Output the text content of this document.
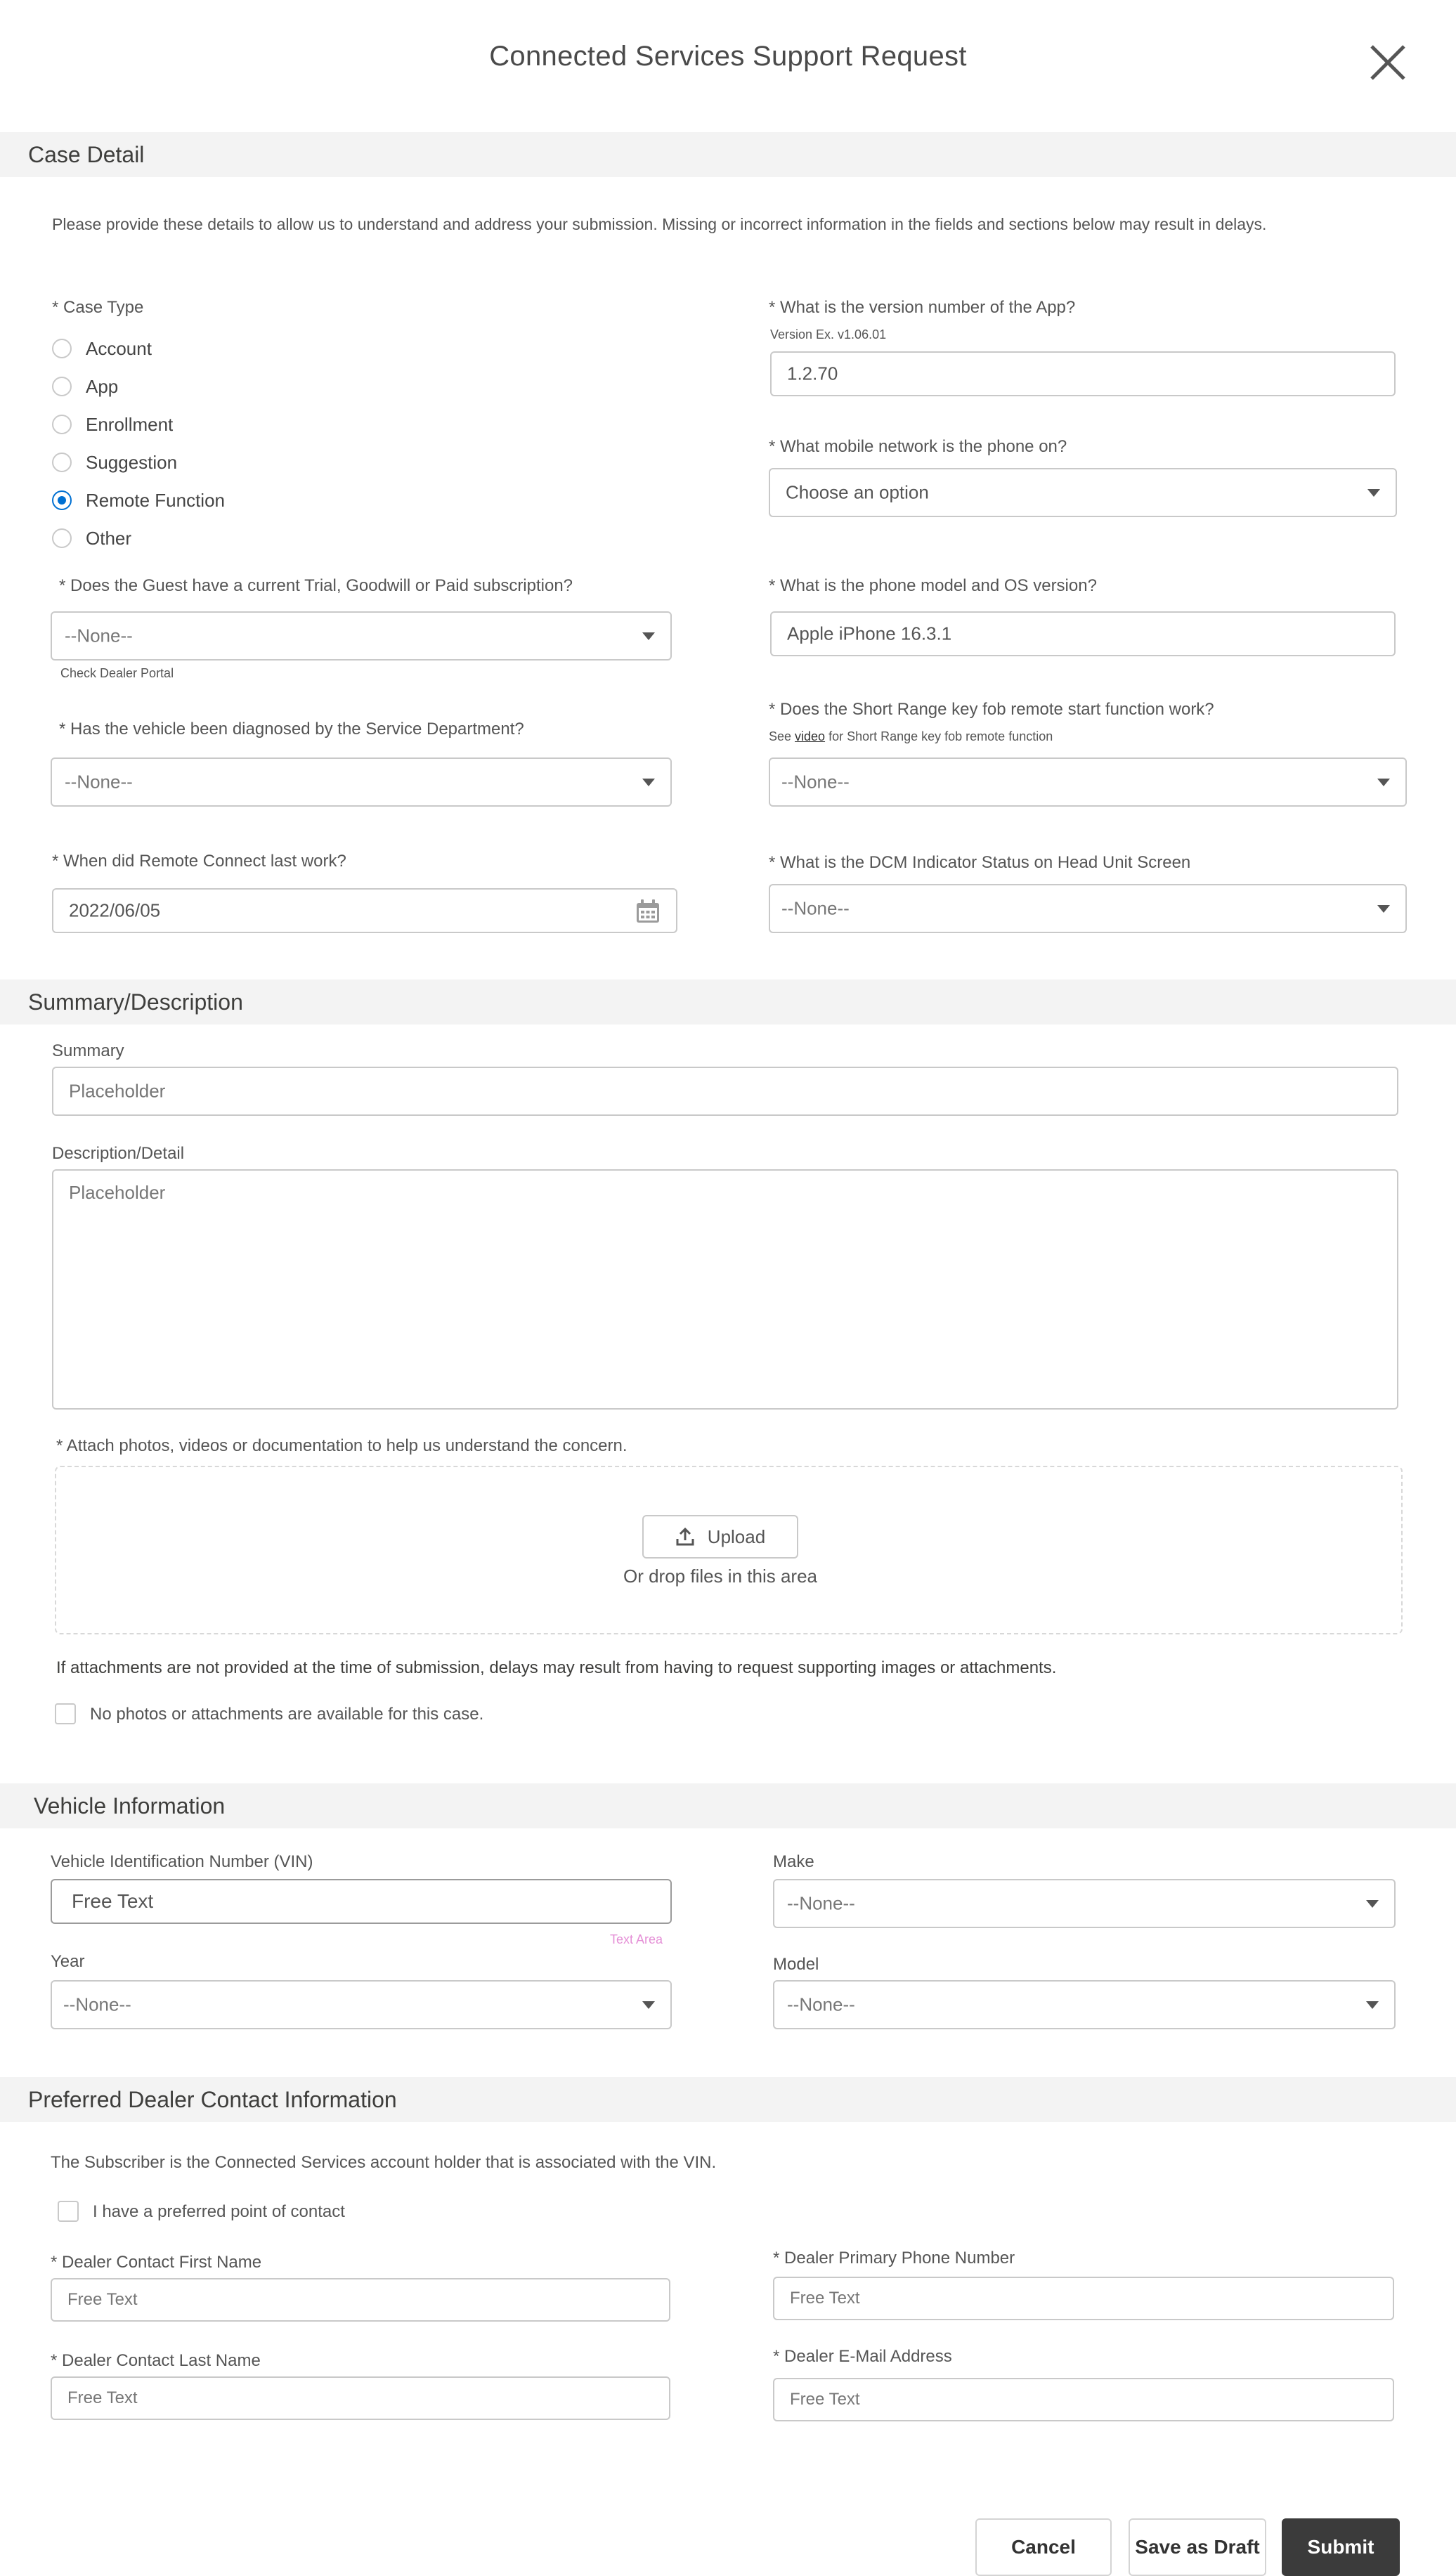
Connected Services Support Request
Case Detail
Please provide these details to allow us to understand and address your submission. Missing or incorrect information in the fields and sections below may result in delays.
* Case Type
Account
App
Enrollment
Suggestion
Remote Function
Other
* What is the version number of the App?
Version Ex. v1.06.01
1.2.70
* What mobile network is the phone on?
Choose an option
* Does the Guest have a current Trial, Goodwill or Paid subscription?
--None--
Check Dealer Portal
* What is the phone model and OS version?
Apple iPhone 16.3.1
* Has the vehicle been diagnosed by the Service Department?
--None--
* Does the Short Range key fob remote start function work?
See video for Short Range key fob remote function
--None--
* When did Remote Connect last work?
2022/06/05
* What is the DCM Indicator Status on Head Unit Screen
--None--
Summary/Description
Summary
Placeholder
Description/Detail
Placeholder
* Attach photos, videos or documentation to help us understand the concern.
Upload
Or drop files in this area
If attachments are not provided at the time of submission, delays may result from having to request supporting images or attachments.
No photos or attachments are available for this case.
Vehicle Information
Vehicle Identification Number (VIN)
Free Text
Text Area
Make
--None--
Year
--None--
Model
--None--
Preferred Dealer Contact Information
The Subscriber is the Connected Services account holder that is associated with the VIN.
I have a preferred point of contact
* Dealer Contact First Name
Free Text
* Dealer Primary Phone Number
Free Text
* Dealer Contact Last Name
Free Text
* Dealer E-Mail Address
Free Text
Cancel	Save as Draft	Submit
